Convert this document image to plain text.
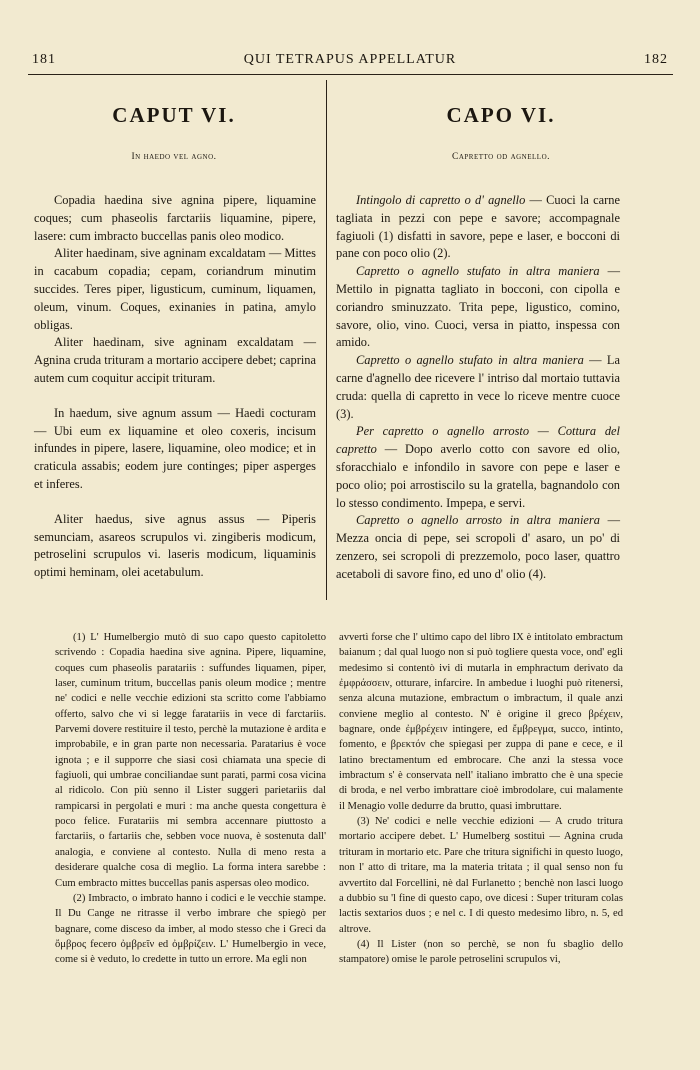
181	QUI TETRAPUS APPELLATUR	182
CAPUT VI.
In haedo vel agno.

Copadia haedina sive agnina pipere, liquamine coques; cum phaseolis farctariis liquamine, pipere, lasere: cum imbracto buccellas panis oleo modico.

Aliter haedinam, sive agninam excaldatam — Mittes in cacabum copadia; cepam, coriandrum minutim succides. Teres piper, ligusticum, cuminum, liquamen, oleum, vinum. Coques, exinanies in patina, amylo obligas.

Aliter haedinam, sive agninam excaldatam — Agnina cruda trituram a mortario accipere debet; caprina autem cum coquitur accipit trituram.

In haedum, sive agnum assum — Haedi cocturam — Ubi eum ex liquamine et oleo coxeris, incisum infundes in pipere, lasere, liquamine, oleo modice; et in craticula assabis; eodem jure continges; piper asperges et inferes.

Aliter haedus, sive agnus assus — Piperis semunciam, asareos scrupulos vi. zingiberis modicum, petroselini scrupulos vi. laseris modicum, liquaminis optimi heminam, olei acetabulum.

CAPO VI.
Capretto od agnello.

Intingolo di capretto o d' agnello — Cuoci la carne tagliata in pezzi con pepe e savore; accompagnale fagiuoli (1) disfatti in savore, pepe e laser, e bocconi di pane con poco olio (2).

Capretto o agnello stufato in altra maniera — Mettilo in pignatta tagliato in bocconi, con cipolla e coriandro sminuzzato. Trita pepe, ligustico, comino, savore, olio, vino. Cuoci, versa in piatto, inspessa con amido.

Capretto o agnello stufato in altra maniera — La carne d'agnello dee ricevere l' intriso dal mortaio tuttavia cruda: quella di capretto in vece lo riceve mentre cuoce (3).

Per capretto o agnello arrosto — Cottura del capretto — Dopo averlo cotto con savore ed olio, sforacchialo e infondilo in savore con pepe e laser e poco olio; poi arrostiscilo su la gratella, bagnandolo con lo stesso condimento. Impepa, e servi.

Capretto o agnello arrosto in altra maniera — Mezza oncia di pepe, sei scropoli d' asaro, un po' di zenzero, sei scropoli di prezzemolo, poco laser, quattro acetaboli di savore fino, ed uno d' olio (4).

(1) L' Humelbergio mutò di suo capo questo capitoletto scrivendo : Copadia haedina sive agnina. Pipere, liquamine, coques cum phaseolis paratariis : suffundes liquamen, piper, laser, cuminum tritum, buccellas panis oleum modice ; mentre ne' codici e nelle vecchie edizioni sta scritto come l'abbiamo offerto, salvo che vi si legge faratariis in vece di farctariis. Parvemi dovere restituire il testo, perchè la mutazione è ardita e improbabile, e in gran parte non necessaria. Paratarius è voce ignota ; e il supporre che siasi così chiamata una specie di fagiuoli, qui umbrae conciliandae sunt parati, parmi cosa vicina al ridicolo. Con più senno il Lister suggerì parietariis dal rampicarsi in pergolati e muri : ma anche questa congettura è poco felice. Furatariis mi sembra accennare piuttosto a farctariis, o fartariis che, sebben voce nuova, è sostenuta dall' analogia, e conviene al contesto. Nulla di meno resta a desiderare qualche cosa di meglio. La forma intera sarebbe : Cum embracto mittes buccellas panis aspersas oleo modico.

(2) Imbracto, o imbrato hanno i codici e le vecchie stampe. Il Du Cange ne ritrasse il verbo imbrare che spiegò per bagnare, come disceso da imber, al modo stesso che i Greci da ὄμβρος fecero ὀμβρεῖν ed ὀμβρίζειν. L' Humelbergio in vece, come si è veduto, lo credette in tutto un errore. Ma egli non

avvertì forse che l' ultimo capo del libro IX è intitolato embractum baianum ; dal qual luogo non si può togliere questa voce, ond' egli medesimo si contentò ivi di mutarla in emphractum derivato da ἐμφράσσειν, otturare, infarcire. In ambedue i luoghi può ritenersi, senza alcuna mutazione, embractum o imbractum, il quale anzi conviene meglio al contesto. N' è origine il greco βρέχειν, bagnare, onde ἐμβρέχειν intingere, ed ἔμβρεγμα, succo, intinto, fomento, e βρεκτόν che spiegasi per zuppa di pane e cece, e il latino brectamentum ed embrocare. Che anzi la stessa voce imbractum s' è conservata nell' italiano imbratto che è una specie di broda, e nel verbo imbrattare cioè imbrodolare, cui malamente il Menagio volle dedurre da brutto, quasi imbruttare.

(3) Ne' codici e nelle vecchie edizioni — A crudo tritura mortario accipere debet. L' Humelberg sostituì — Agnina cruda trituram in mortario etc. Pare che tritura significhi in questo luogo, non l' atto di tritare, ma la materia tritata ; il qual senso non fu avvertito dal Forcellini, nè dal Furlanetto ; benchè non lasci luogo a dubbio su 'l fine di questo capo, ove dicesi : Super trituram colas lactis sextarios duos ; e nel c. I di questo medesimo libro, n. 5, ed altrove.

(4) Il Lister (non so perchè, se non fu sbaglio dello stampatore) omise le parole petroselini scrupulos vi,
